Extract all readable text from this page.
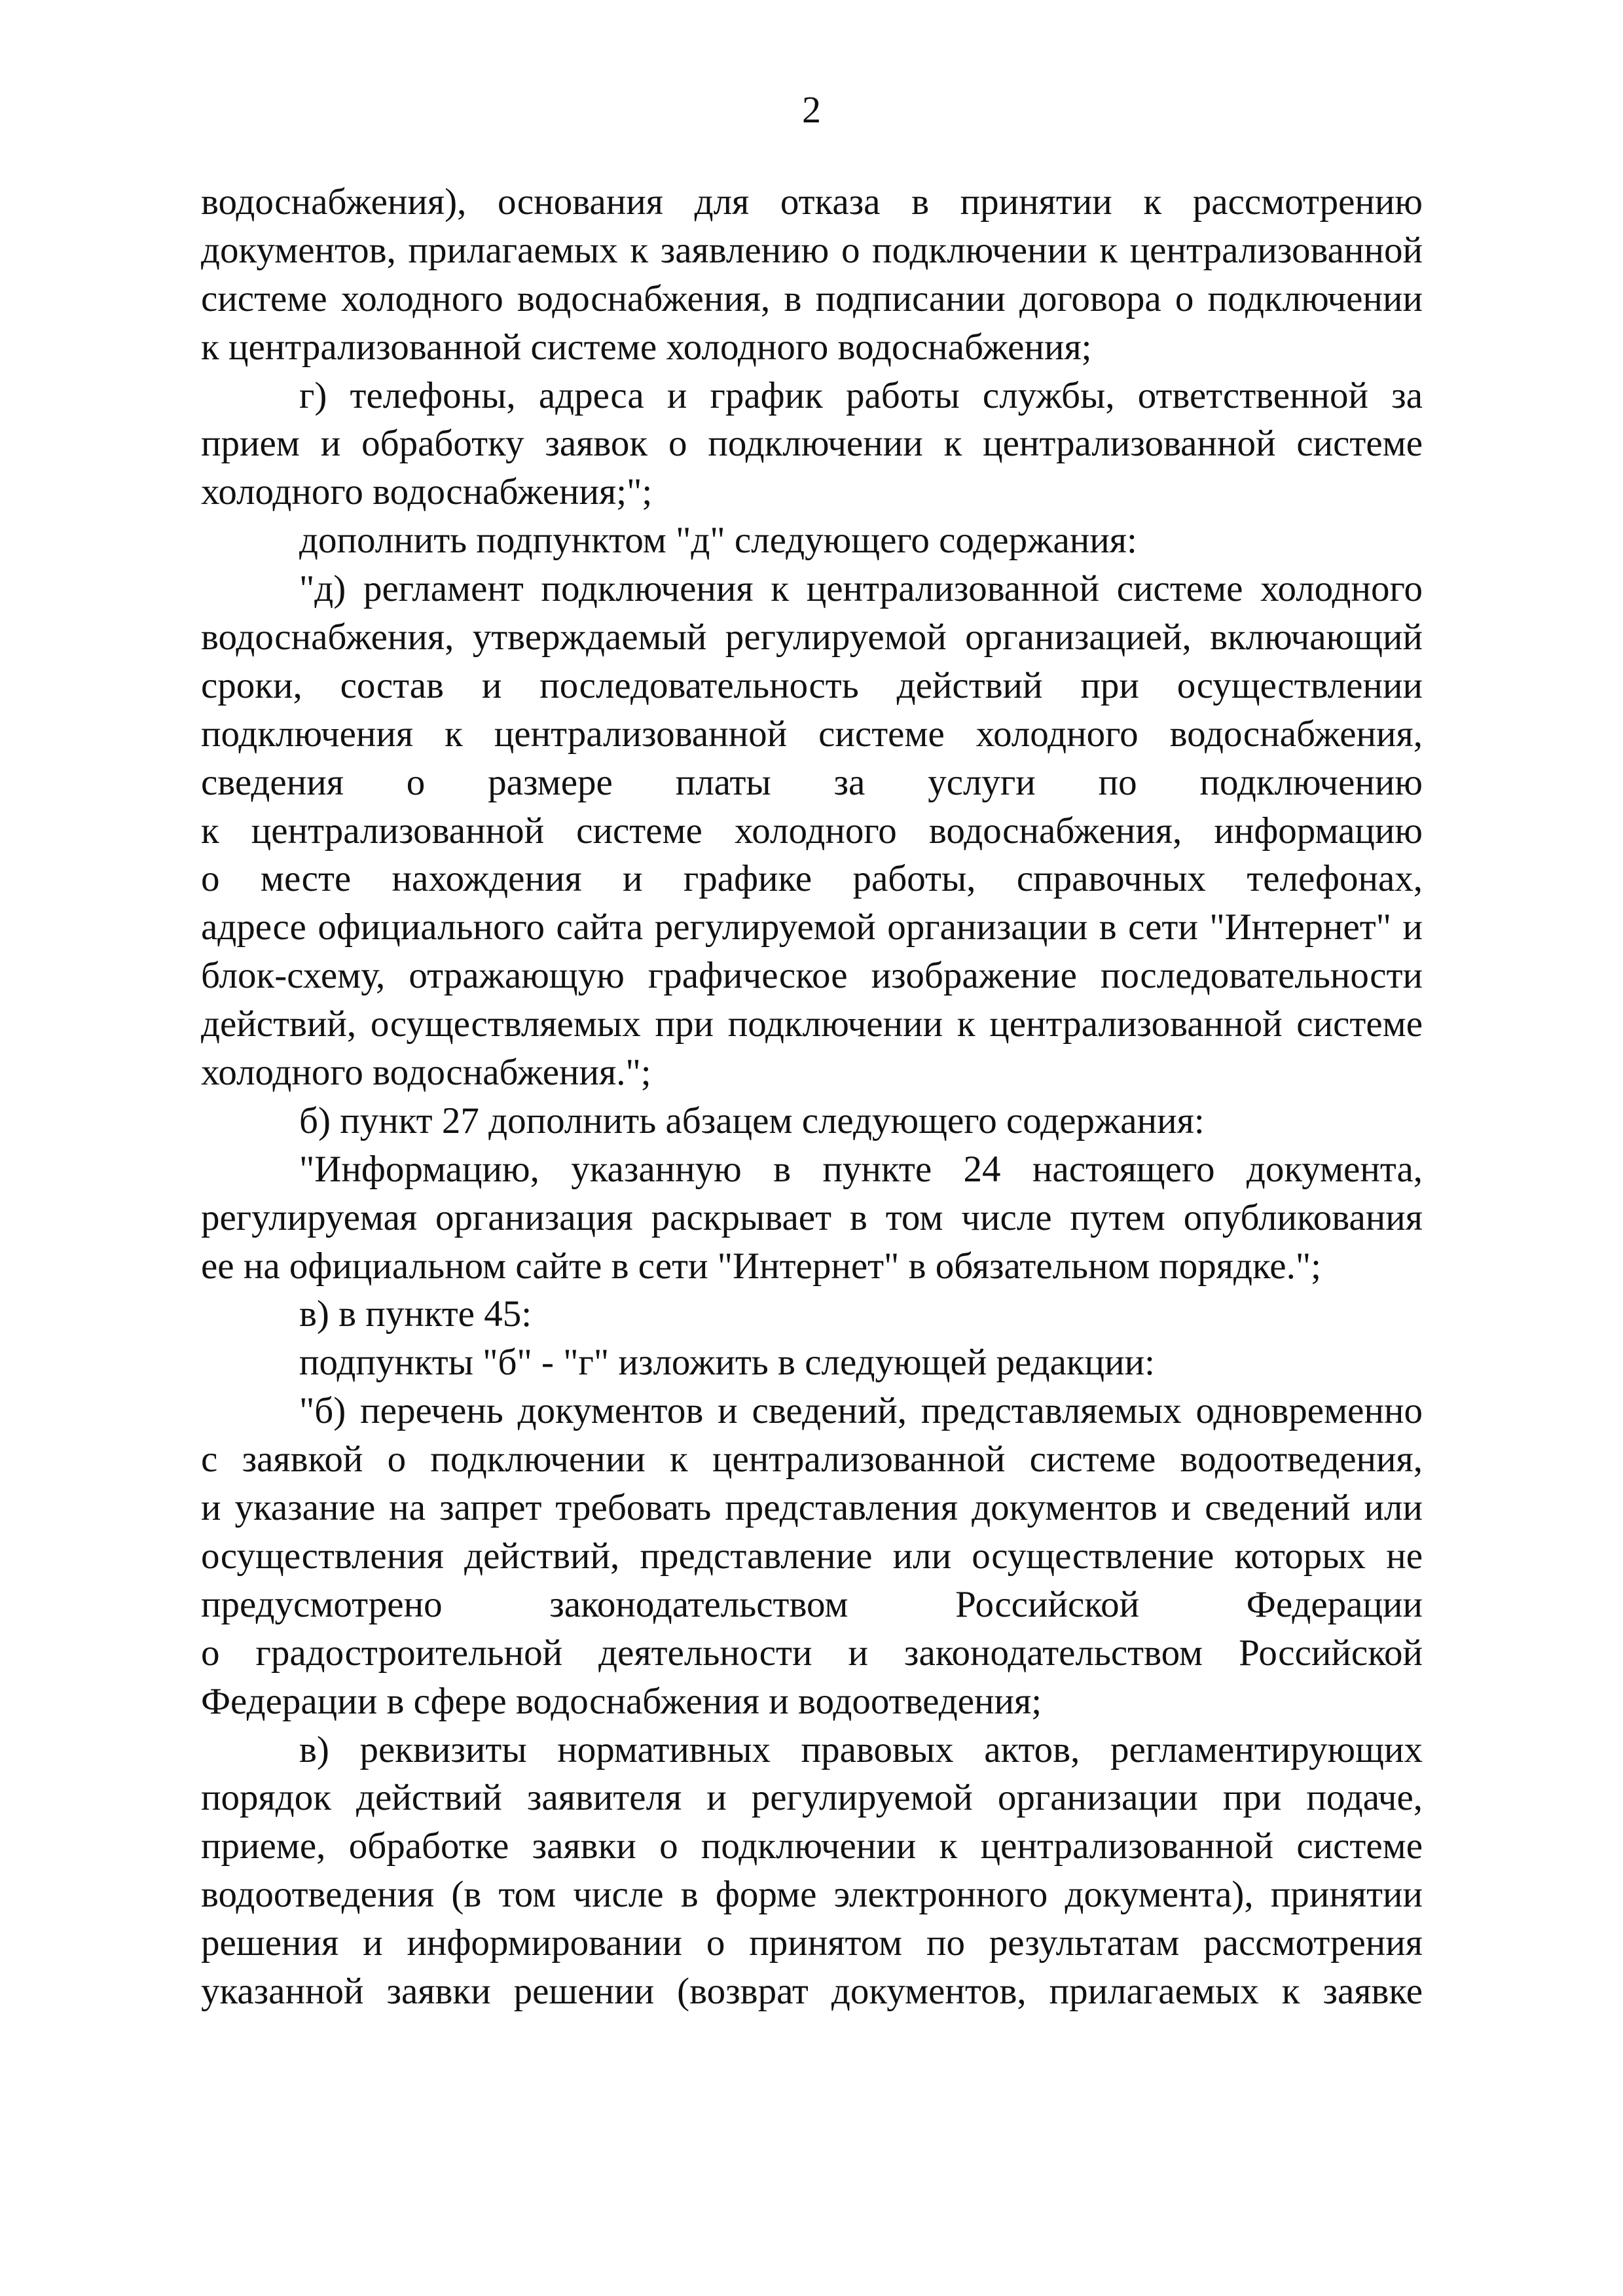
2
водоснабжения), основания для отказа в принятии к рассмотрению
документов, прилагаемых к заявлению о подключении к централизованной
системе холодного водоснабжения, в подписании договора о подключении
к централизованной системе холодного водоснабжения;
г) телефоны, адреса и график работы службы, ответственной за
прием и обработку заявок о подключении к централизованной системе
холодного водоснабжения;";
дополнить подпунктом "д" следующего содержания:
"д) регламент подключения к централизованной системе холодного
водоснабжения, утверждаемый регулируемой организацией, включающий
сроки, состав и последовательность действий при осуществлении
подключения к централизованной системе холодного водоснабжения,
сведения о размере платы за услуги по подключению
к централизованной системе холодного водоснабжения, информацию
о месте нахождения и графике работы, справочных телефонах,
адресе официального сайта регулируемой организации в сети "Интернет" и
блок-схему, отражающую графическое изображение последовательности
действий, осуществляемых при подключении к централизованной системе
холодного водоснабжения.";
б) пункт 27 дополнить абзацем следующего содержания:
"Информацию, указанную в пункте 24 настоящего документа,
регулируемая организация раскрывает в том числе путем опубликования
ее на официальном сайте в сети "Интернет" в обязательном порядке.";
в) в пункте 45:
подпункты "б" - "г" изложить в следующей редакции:
"б) перечень документов и сведений, представляемых одновременно
с заявкой о подключении к централизованной системе водоотведения,
и указание на запрет требовать представления документов и сведений или
осуществления действий, представление или осуществление которых не
предусмотрено законодательством Российской Федерации
о градостроительной деятельности и законодательством Российской
Федерации в сфере водоснабжения и водоотведения;
в) реквизиты нормативных правовых актов, регламентирующих
порядок действий заявителя и регулируемой организации при подаче,
приеме, обработке заявки о подключении к централизованной системе
водоотведения (в том числе в форме электронного документа), принятии
решения и информировании о принятом по результатам рассмотрения
указанной заявки решении (возврат документов, прилагаемых к заявке
